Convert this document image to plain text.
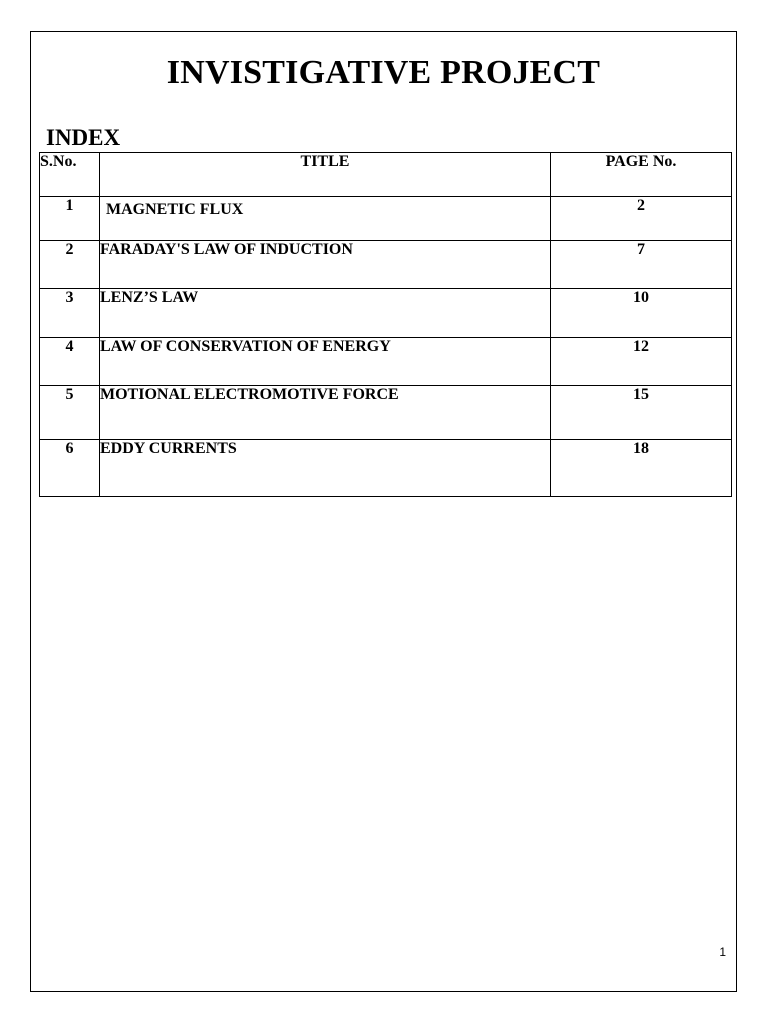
INVISTIGATIVE PROJECT
INDEX
S.No.	TITLE	PAGE No.
1	MAGNETIC FLUX	2
2	FARADAY'S LAW OF INDUCTION	7
3	LENZ’S LAW	10
4	LAW OF CONSERVATION OF ENERGY	12
5	MOTIONAL ELECTROMOTIVE FORCE	15
6	EDDY CURRENTS	18
1
